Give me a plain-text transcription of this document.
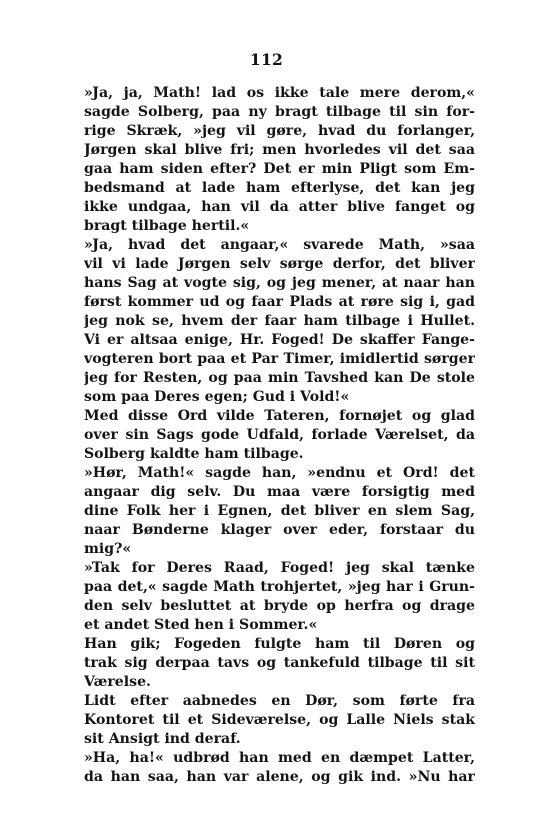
112
»Ja, ja, Math! lad os ikke tale mere derom,«
sagde Solberg, paa ny bragt tilbage til sin for-
rige Skræk, »jeg vil gøre, hvad du forlanger,
Jørgen skal blive fri; men hvorledes vil det saa
gaa ham siden efter? Det er min Pligt som Em-
bedsmand at lade ham efterlyse, det kan jeg
ikke undgaa, han vil da atter blive fanget og
bragt tilbage hertil.«
»Ja, hvad det angaar,« svarede Math, »saa
vil vi lade Jørgen selv sørge derfor, det bliver
hans Sag at vogte sig, og jeg mener, at naar han
først kommer ud og faar Plads at røre sig i, gad
jeg nok se, hvem der faar ham tilbage i Hullet.
Vi er altsaa enige, Hr. Foged! De skaffer Fange-
vogteren bort paa et Par Timer, imidlertid sørger
jeg for Resten, og paa min Tavshed kan De stole
som paa Deres egen; Gud i Vold!«
Med disse Ord vilde Tateren, fornøjet og glad
over sin Sags gode Udfald, forlade Værelset, da
Solberg kaldte ham tilbage.
»Hør, Math!« sagde han, »endnu et Ord! det
angaar dig selv. Du maa være forsigtig med
dine Folk her i Egnen, det bliver en slem Sag,
naar Bønderne klager over eder, forstaar du
mig?«
»Tak for Deres Raad, Foged! jeg skal tænke
paa det,« sagde Math trohjertet, »jeg har i Grun-
den selv besluttet at bryde op herfra og drage
et andet Sted hen i Sommer.«
Han gik; Fogeden fulgte ham til Døren og
trak sig derpaa tavs og tankefuld tilbage til sit
Værelse.
Lidt efter aabnedes en Dør, som førte fra
Kontoret til et Sideværelse, og Lalle Niels stak
sit Ansigt ind deraf.
»Ha, ha!« udbrød han med en dæmpet Latter,
da han saa, han var alene, og gik ind. »Nu har
